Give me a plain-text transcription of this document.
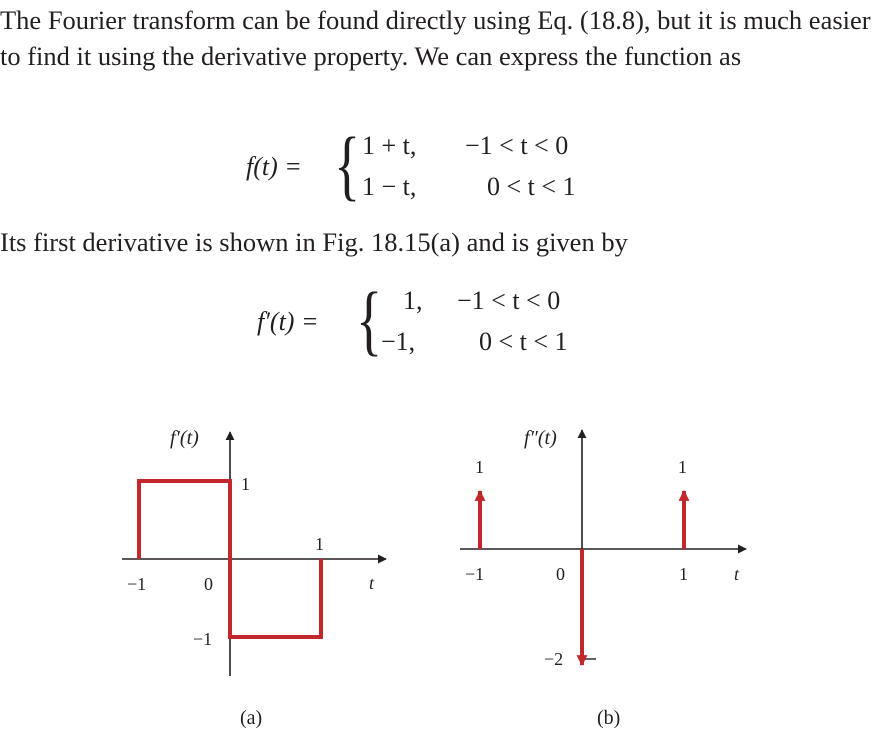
The Fourier transform can be found directly using Eq. (18.8), but it is much easier to find it using the derivative property. We can express the function as

f(t) = { 1 + t, −1 < t < 0
1 − t,	0 < t < 1

Its first derivative is shown in Fig. 18.15(a) and is given by

f′(t) = { 1, −1 < t < 0
−1, 0 < t < 1
f′(t)
t
1
1
−1	0
−1
(a)
f″(t)
t
1	1
−1	0	1
−2
(b)
